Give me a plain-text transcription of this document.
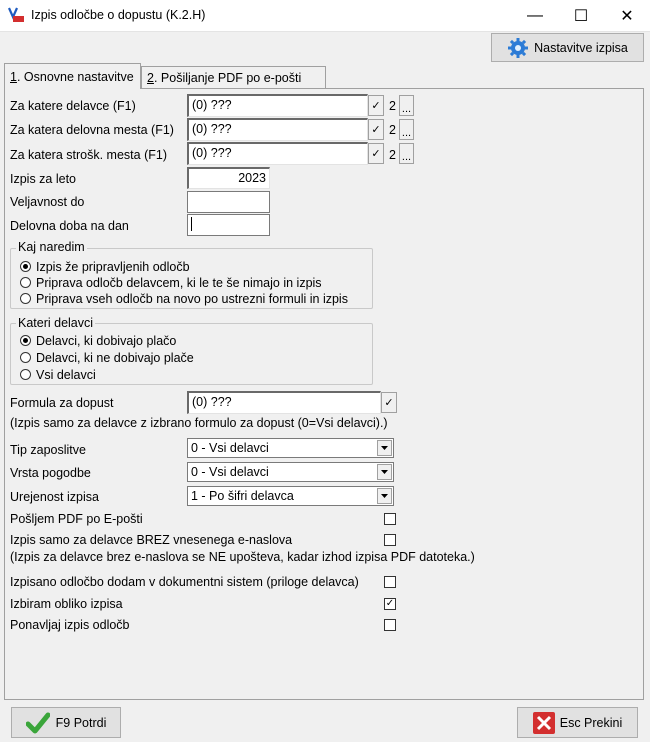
Izpis odločbe o dopustu (K.2.H)	— ☐ ✕
Nastavitve izpisa
1. Osnovne nastavitve	2. Pošiljanje PDF po e-pošti
Za katere delavce (F1)	(0) ???	✓ 2 ...
Za katera delovna mesta (F1)	(0) ???	✓ 2 ...
Za katera strošk. mesta (F1)	(0) ???	✓ 2 ...
Izpis za leto	2023
Veljavnost do
Delovna doba na dan
Kaj naredim
Izpis že pripravljenih odločb
Priprava odločb delavcem, ki le te še nimajo in izpis
Priprava vseh odločb na novo po ustrezni formuli in izpis
Kateri delavci
Delavci, ki dobivajo plačo
Delavci, ki ne dobivajo plače
Vsi delavci
Formula za dopust	(0) ???	✓
(Izpis samo za delavce z izbrano formulo za dopust (0=Vsi delavci).)
Tip zaposlitve	0 - Vsi delavci
Vrsta pogodbe	0 - Vsi delavci
Urejenost izpisa	1 - Po šifri delavca
Pošljem PDF po E-pošti
Izpis samo za delavce BREZ vnesenega e-naslova
(Izpis za delavce brez e-naslova se NE upošteva, kadar izhod izpisa PDF datoteka.)
Izpisano odločbo dodam v dokumentni sistem (priloge delavca)
Izbiram obliko izpisa	✓
Ponavljaj izpis odločb
F9 Potrdi	Esc Prekini
